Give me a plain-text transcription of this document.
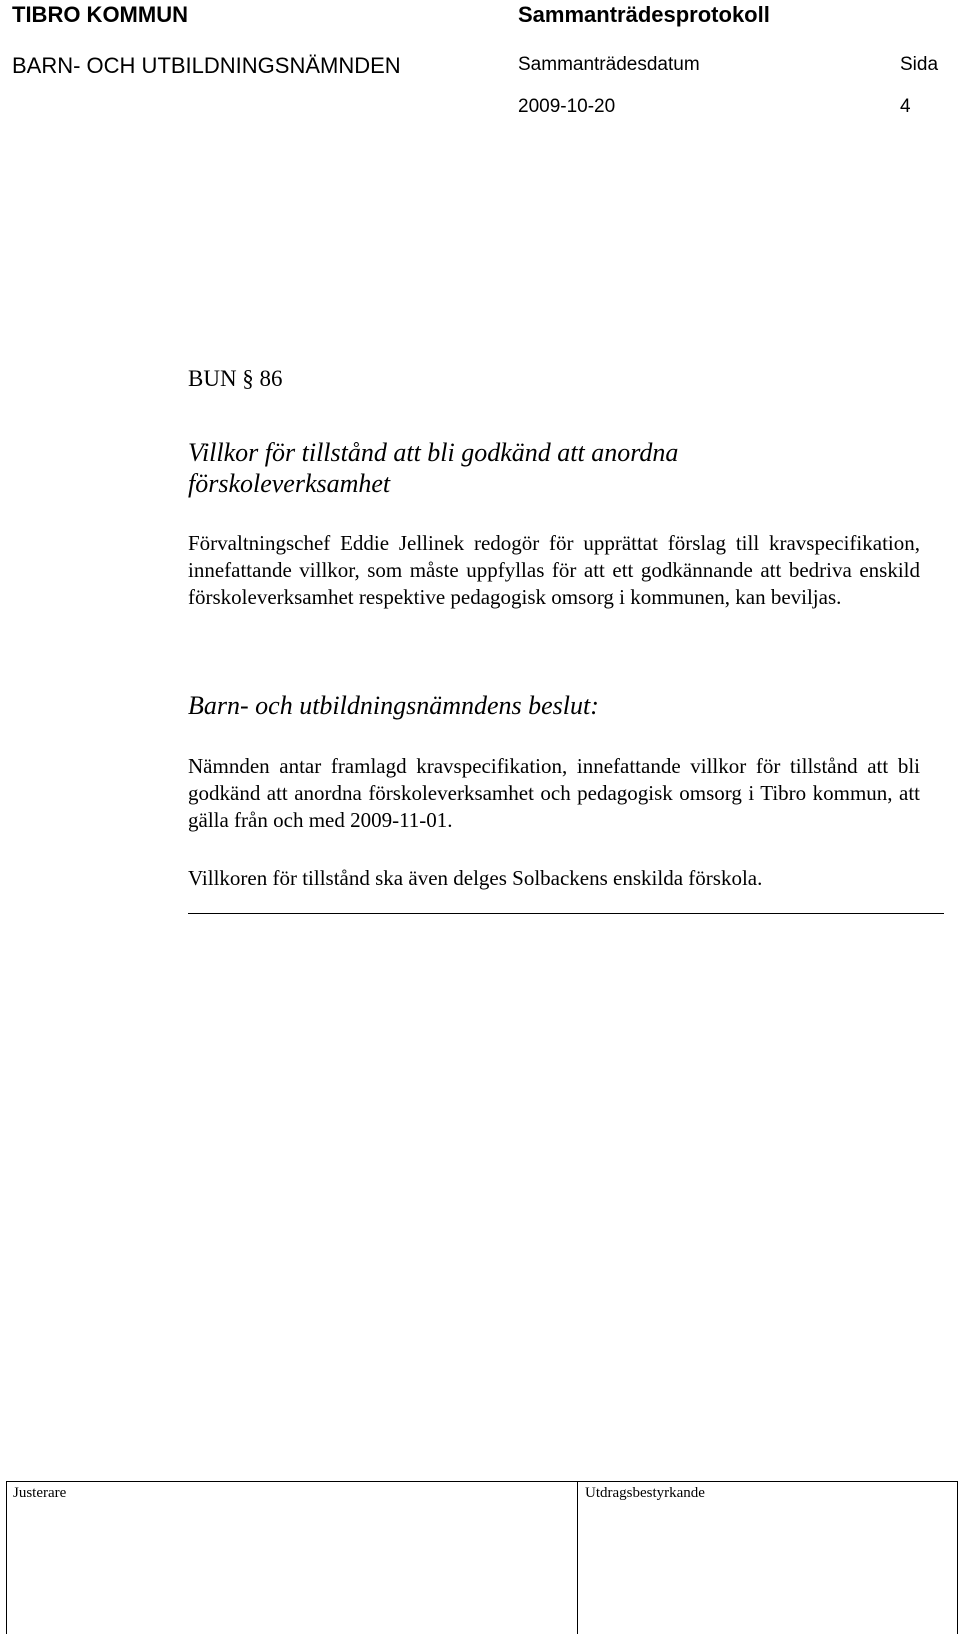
TIBRO KOMMUN	Sammanträdesprotokoll
BARN- OCH UTBILDNINGSNÄMNDEN	Sammanträdesdatum	Sida
2009-10-20	4
BUN § 86
Villkor för tillstånd att bli godkänd att anordna förskoleverksamhet
Förvaltningschef Eddie Jellinek redogör för upprättat förslag till kravspecifikation, innefattande villkor, som måste uppfyllas för att ett godkännande att bedriva enskild förskoleverksamhet respektive pedagogisk omsorg i kommunen, kan beviljas.
Barn- och utbildningsnämndens beslut:
Nämnden antar framlagd kravspecifikation, innefattande villkor för tillstånd att bli godkänd att anordna förskoleverksamhet och pedagogisk omsorg i Tibro kommun, att gälla från och med 2009-11-01.
Villkoren för tillstånd ska även delges Solbackens enskilda förskola.
Justerare	Utdragsbestyrkande
